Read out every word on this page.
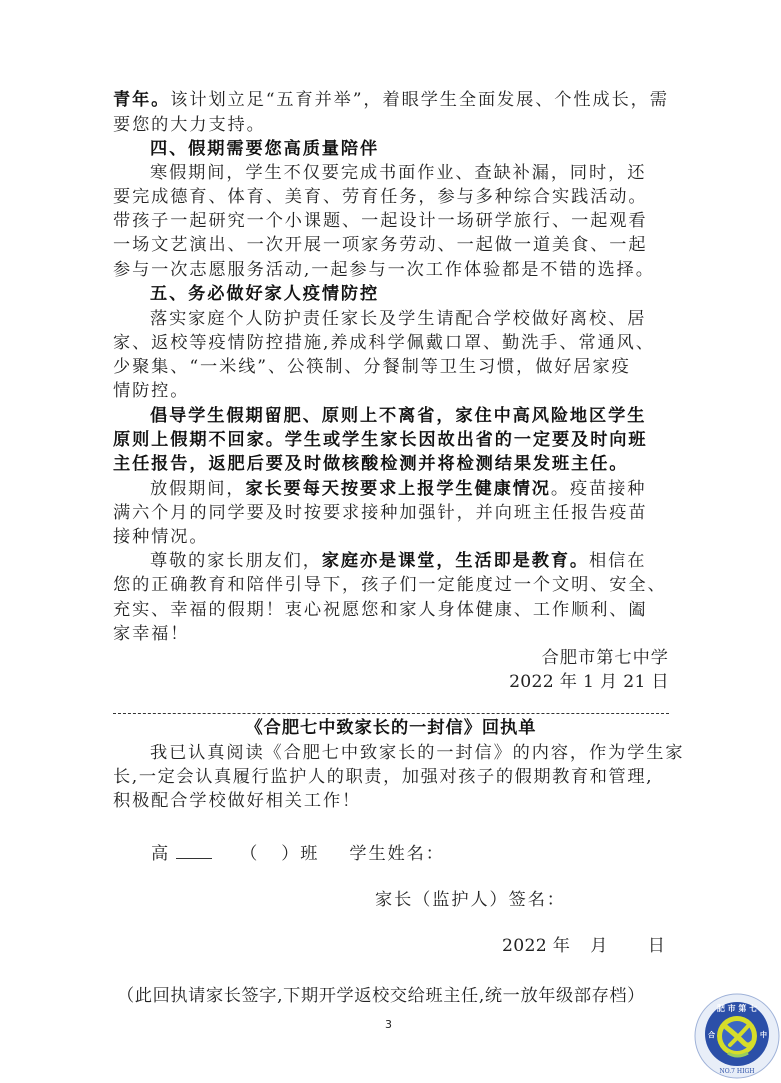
青年。该计划立足“五育并举”，着眼学生全面发展、个性成长，需
要您的大力支持。
四、假期需要您高质量陪伴
寒假期间，学生不仅要完成书面作业、查缺补漏，同时，还
要完成德育、体育、美育、劳育任务，参与多种综合实践活动。
带孩子一起研究一个小课题、一起设计一场研学旅行、一起观看
一场文艺演出、一次开展一项家务劳动、一起做一道美食、一起
参与一次志愿服务活动,一起参与一次工作体验都是不错的选择。
五、务必做好家人疫情防控
落实家庭个人防护责任家长及学生请配合学校做好离校、居
家、返校等疫情防控措施,养成科学佩戴口罩、勤洗手、常通风、
少聚集、“一米线”、公筷制、分餐制等卫生习惯，做好居家疫
情防控。
倡导学生假期留肥、原则上不离省，家住中高风险地区学生
原则上假期不回家。学生或学生家长因故出省的一定要及时向班
主任报告，返肥后要及时做核酸检测并将检测结果发班主任。
放假期间，家长要每天按要求上报学生健康情况。疫苗接种
满六个月的同学要及时按要求接种加强针，并向班主任报告疫苗
接种情况。
尊敬的家长朋友们，家庭亦是课堂，生活即是教育。相信在
您的正确教育和陪伴引导下，孩子们一定能度过一个文明、安全、
充实、幸福的假期！衷心祝愿您和家人身体健康、工作顺利、阖
家幸福！
合肥市第七中学
2022 年 1 月 21 日
《合肥七中致家长的一封信》回执单
我已认真阅读《合肥七中致家长的一封信》的内容，作为学生家
长,一定会认真履行监护人的职责，加强对孩子的假期教育和管理,
积极配合学校做好相关工作！
高	（ ）班 学生姓名：
家长（监护人）签名：
2022 年 月 日
（此回执请家长签字,下期开学返校交给班主任,统一放年级部存档）
3
肥 市 第 七
合	中
NO.7 HIGH
